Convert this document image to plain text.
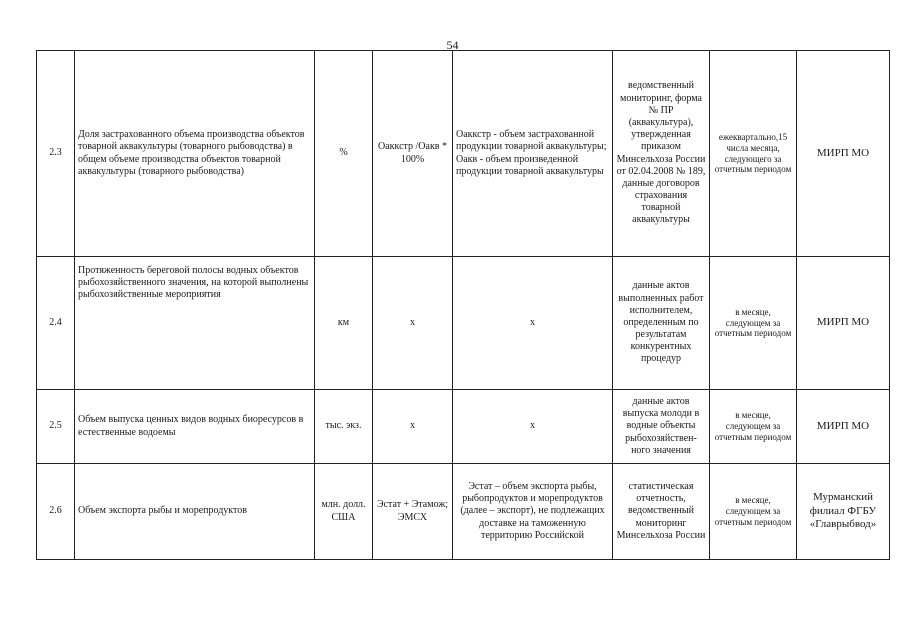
54
2.3	Доля застрахованного объема производства объектов товарной аквакультуры (товарного рыбоводства) в общем объеме производства объектов товарной аквакультуры (товарного рыбоводства)	%	Оаккстр /Оакв * 100%	Оаккстр - объем застрахованной продукции товарной аквакультуры; Оакв - объем произведенной продукции товарной аквакультуры	ведомственный мониторинг, форма № ПР (аквакультура), утвержденная приказом Минсельхоза России от 02.04.2008 № 189, данные договоров страхования товарной аквакультуры	ежеквартально,15 числа месяца, следующего за отчетным периодом	МИРП МО
2.4	Протяженность береговой полосы водных объектов рыбохозяйственного значения, на которой выполнены рыбохозяйственные мероприятия	км	х	х	данные актов выполненных работ исполнителем, определенным по результатам конкурентных процедур	в месяце, следующем за отчетным периодом	МИРП МО
2.5	Объем выпуска ценных видов водных биоресурсов в естественные водоемы	тыс. экз.	х	х	данные актов выпуска молоди в водные объекты рыбохозяйствен-ного значения	в месяце, следующем за отчетным периодом	МИРП МО
2.6	Объем экспорта рыбы и морепродуктов	млн. долл. США	Эстат + Этамож; ЭМСХ	Эстат – объем экспорта рыбы, рыбопродуктов и морепродуктов (далее – экспорт), не подлежащих доставке на таможенную территорию Российской	статистическая отчетность, ведомственный мониторинг Минсельхоза России	в месяце, следующем за отчетным периодом	Мурманский филиал ФГБУ «Главрыбвод»
